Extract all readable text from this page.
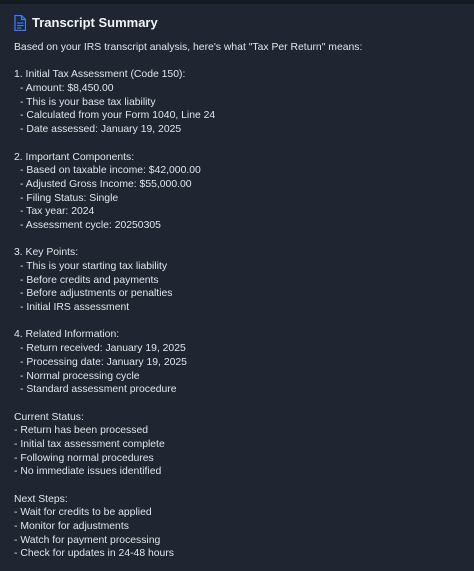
Transcript Summary
Based on your IRS transcript analysis, here's what "Tax Per Return" means:
1. Initial Tax Assessment (Code 150):
- Amount: $8,450.00
- This is your base tax liability
- Calculated from your Form 1040, Line 24
- Date assessed: January 19, 2025
2. Important Components:
- Based on taxable income: $42,000.00
- Adjusted Gross Income: $55,000.00
- Filing Status: Single
- Tax year: 2024
- Assessment cycle: 20250305
3. Key Points:
- This is your starting tax liability
- Before credits and payments
- Before adjustments or penalties
- Initial IRS assessment
4. Related Information:
- Return received: January 19, 2025
- Processing date: January 19, 2025
- Normal processing cycle
- Standard assessment procedure
Current Status:
- Return has been processed
- Initial tax assessment complete
- Following normal procedures
- No immediate issues identified
Next Steps:
- Wait for credits to be applied
- Monitor for adjustments
- Watch for payment processing
- Check for updates in 24-48 hours
